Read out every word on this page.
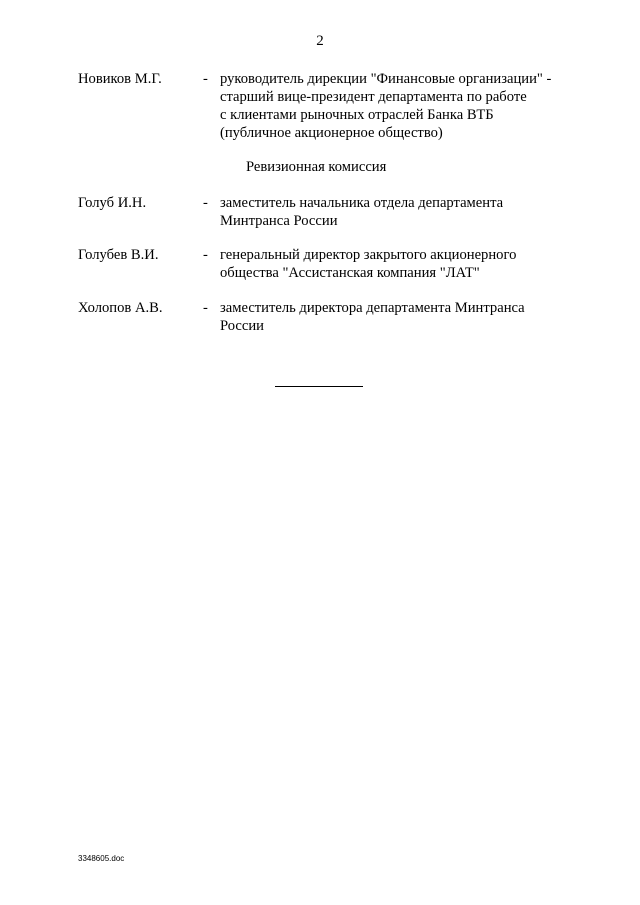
2
Новиков М.Г.	- руководитель дирекции "Финансовые организации" -
старший вице-президент департамента по работе
с клиентами рыночных отраслей Банка ВТБ
(публичное акционерное общество)
Ревизионная комиссия
Голуб И.Н.	- заместитель начальника отдела департамента
Минтранса России
Голубев В.И.	- генеральный директор закрытого акционерного
общества "Ассистанская компания "ЛАТ"
Холопов А.В.	- заместитель директора департамента Минтранса
России
3348605.doc
